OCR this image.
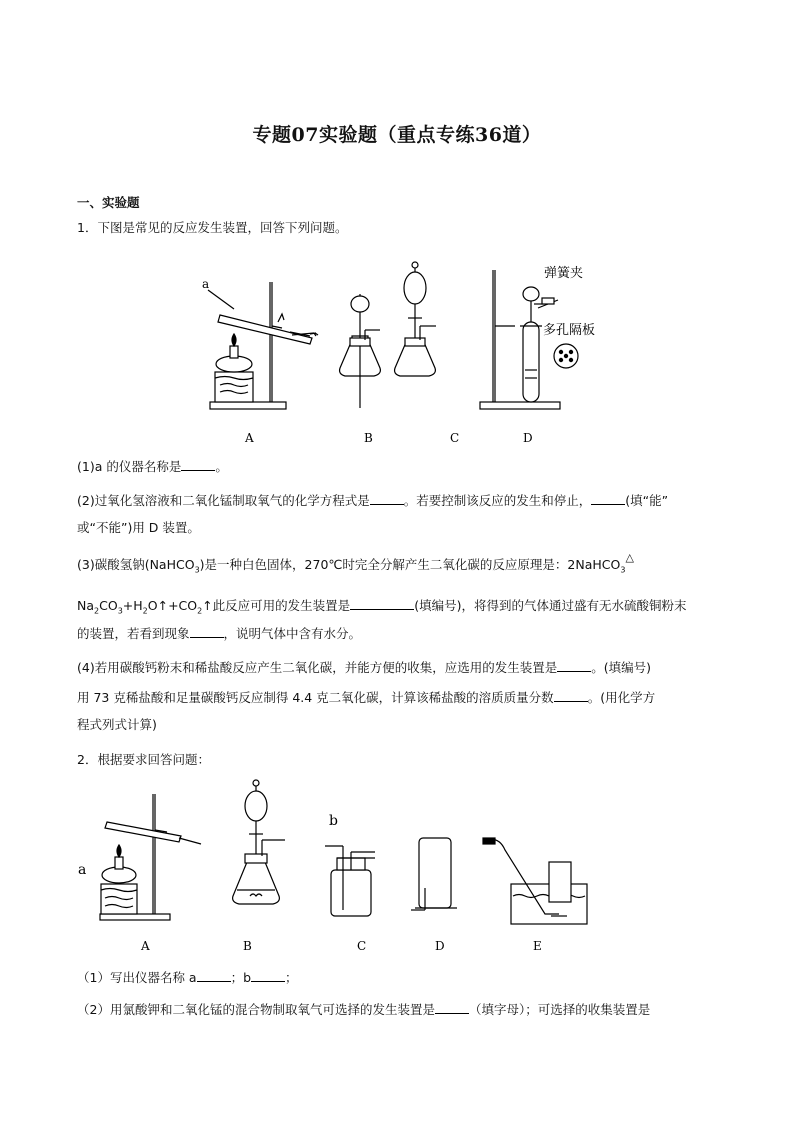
专题07实验题（重点专练36道）
一、实验题
1．下图是常见的反应发生装置，回答下列问题。
a
弹簧夹
多孔隔板
A	B	C	D
(1)a 的仪器名称是	。
(2)过氧化氢溶液和二氧化锰制取氧气的化学方程式是	。若要控制该反应的发生和停止，	(填“能”
或“不能”)用 D 装置。
(3)碳酸氢钠(NaHCO$_3$)是一种白色固体，270℃时完全分解产生二氧化碳的反应原理是：2NaHCO$_3$△
$Na_2CO_3+H_2O↑+CO_2↑$此反应可用的发生装置是	(填编号)，将得到的气体通过盛有无水硫酸铜粉末
的装置，若看到现象	，说明气体中含有水分。
(4)若用碳酸钙粉末和稀盐酸反应产生二氧化碳，并能方便的收集，应选用的发生装置是	。(填编号)
用 73 克稀盐酸和足量碳酸钙反应制得 4.4 克二氧化碳，计算该稀盐酸的溶质质量分数	。(用化学方
程式列式计算)
2．根据要求回答问题：
a
b
A	B	C	D	E
（1）写出仪器名称 a	；b	；
（2）用氯酸钾和二氧化锰的混合物制取氧气可选择的发生装置是	（填字母）；可选择的收集装置是
